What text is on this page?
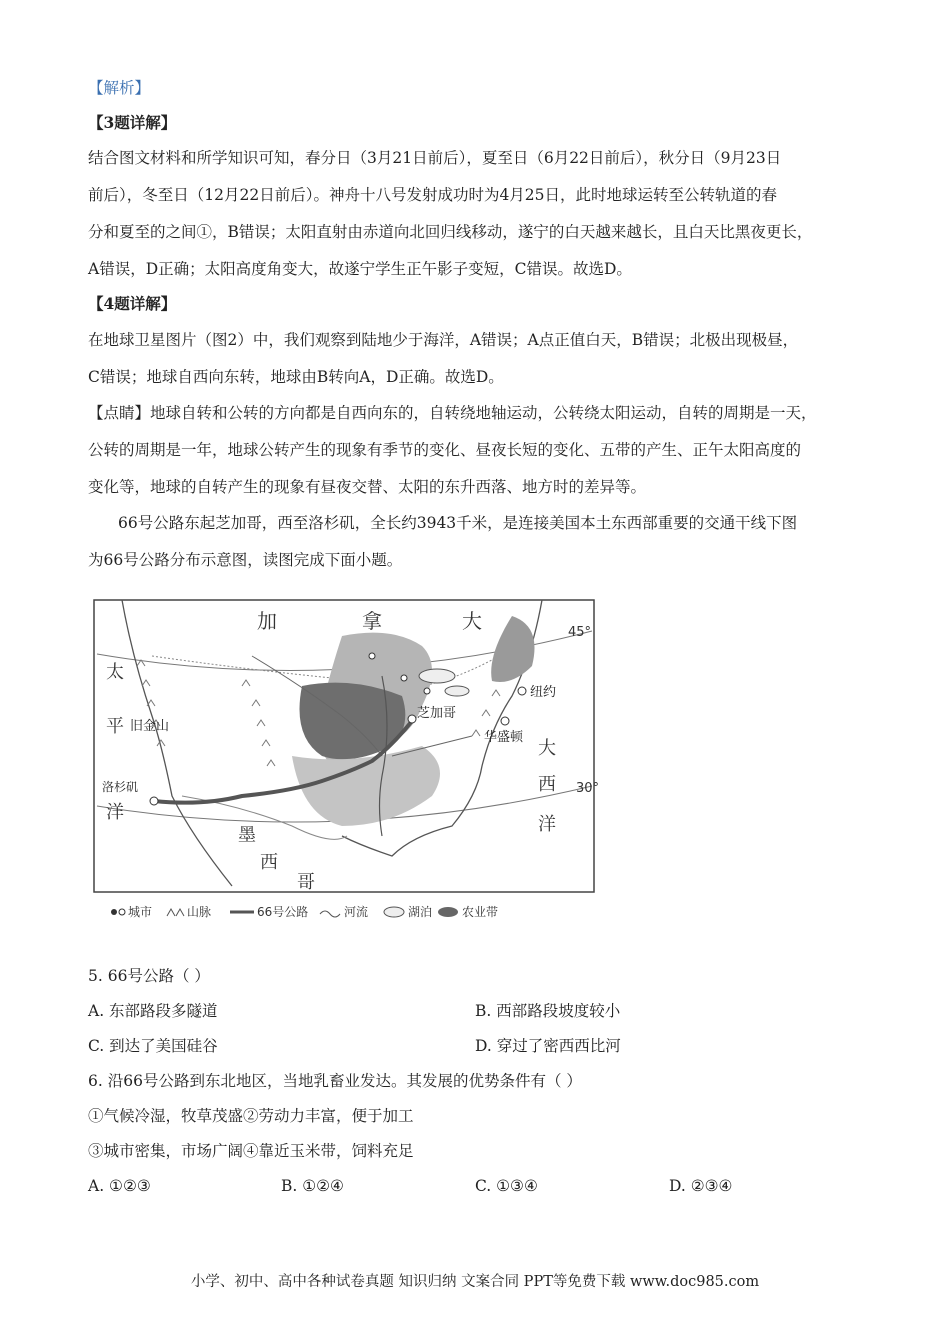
【解析】
【3题详解】
结合图文材料和所学知识可知，春分日（3月21日前后），夏至日（6月22日前后），秋分日（9月23日
前后），冬至日（12月22日前后）。神舟十八号发射成功时为4月25日，此时地球运转至公转轨道的春
分和夏至的之间①，B错误；太阳直射由赤道向北回归线移动，遂宁的白天越来越长，且白天比黑夜更长，
A错误，D正确；太阳高度角变大，故遂宁学生正午影子变短，C错误。故选D。
【4题详解】
在地球卫星图片（图2）中，我们观察到陆地少于海洋，A错误；A点正值白天，B错误；北极出现极昼，
C错误；地球自西向东转，地球由B转向A，D正确。故选D。
【点睛】地球自转和公转的方向都是自西向东的，自转绕地轴运动，公转绕太阳运动，自转的周期是一天，
公转的周期是一年，地球公转产生的现象有季节的变化、昼夜长短的变化、五带的产生、正午太阳高度的
变化等，地球的自转产生的现象有昼夜交替、太阳的东升西落、地方时的差异等。
66号公路东起芝加哥，西至洛杉矶，全长约3943千米，是连接美国本土东西部重要的交通干线下图
为66号公路分布示意图，读图完成下面小题。
加	拿	大
太
平
洋
大
西
洋
墨
西
哥
45°
30°
芝加哥
纽约
华盛顿
洛杉矶
旧金山
城市	山脉	66号公路	河流	湖泊 农业带
5. 66号公路（ ）
A. 东部路段多隧道	B. 西部路段坡度较小
C. 到达了美国硅谷	D. 穿过了密西西比河
6. 沿66号公路到东北地区，当地乳畜业发达。其发展的优势条件有（ ）
①气候冷湿，牧草茂盛②劳动力丰富，便于加工
③城市密集，市场广阔④靠近玉米带，饲料充足
A. ①②③	B. ①②④	C. ①③④	D. ②③④
小学、初中、高中各种试卷真题 知识归纳 文案合同 PPT等免费下载 www.doc985.com
